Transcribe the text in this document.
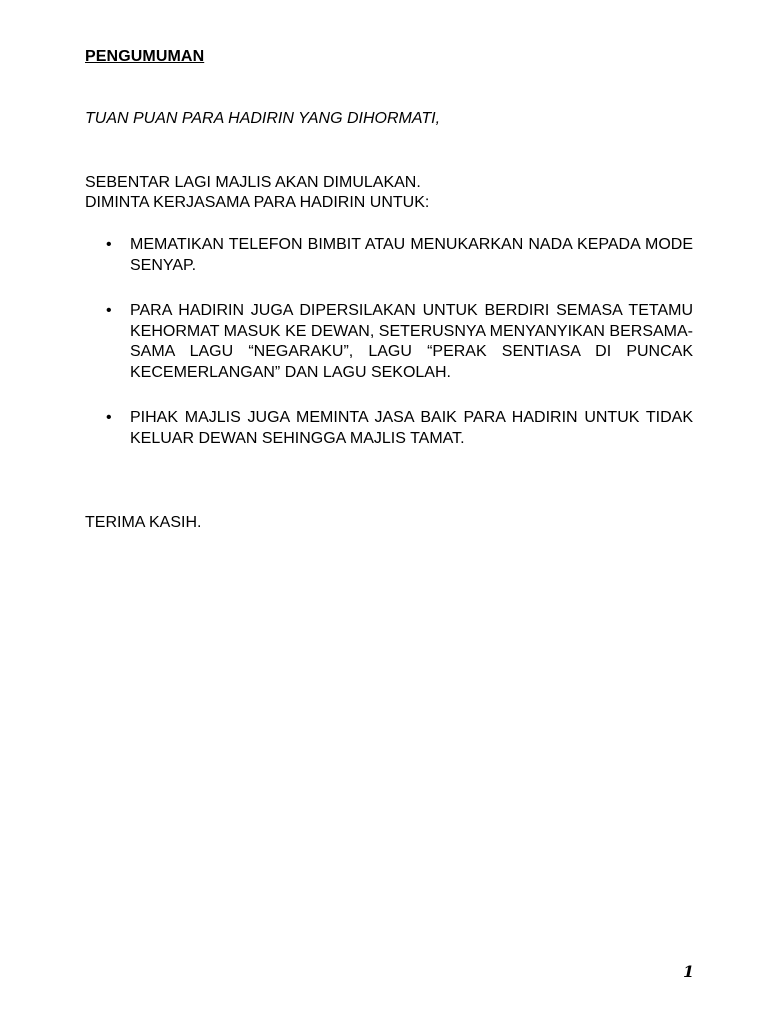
PENGUMUMAN
TUAN PUAN PARA HADIRIN YANG DIHORMATI,
SEBENTAR LAGI MAJLIS AKAN DIMULAKAN.
DIMINTA KERJASAMA PARA HADIRIN UNTUK:
• MEMATIKAN TELEFON BIMBIT ATAU MENUKARKAN NADA KEPADA MODE SENYAP.
• PARA HADIRIN JUGA DIPERSILAKAN UNTUK BERDIRI SEMASA TETAMU KEHORMAT MASUK KE DEWAN, SETERUSNYA MENYANYIKAN BERSAMA-SAMA LAGU “NEGARAKU”, LAGU “PERAK SENTIASA DI PUNCAK KECEMERLANGAN” DAN LAGU SEKOLAH.
• PIHAK MAJLIS JUGA MEMINTA JASA BAIK PARA HADIRIN UNTUK TIDAK KELUAR DEWAN SEHINGGA MAJLIS TAMAT.
TERIMA KASIH.
1
